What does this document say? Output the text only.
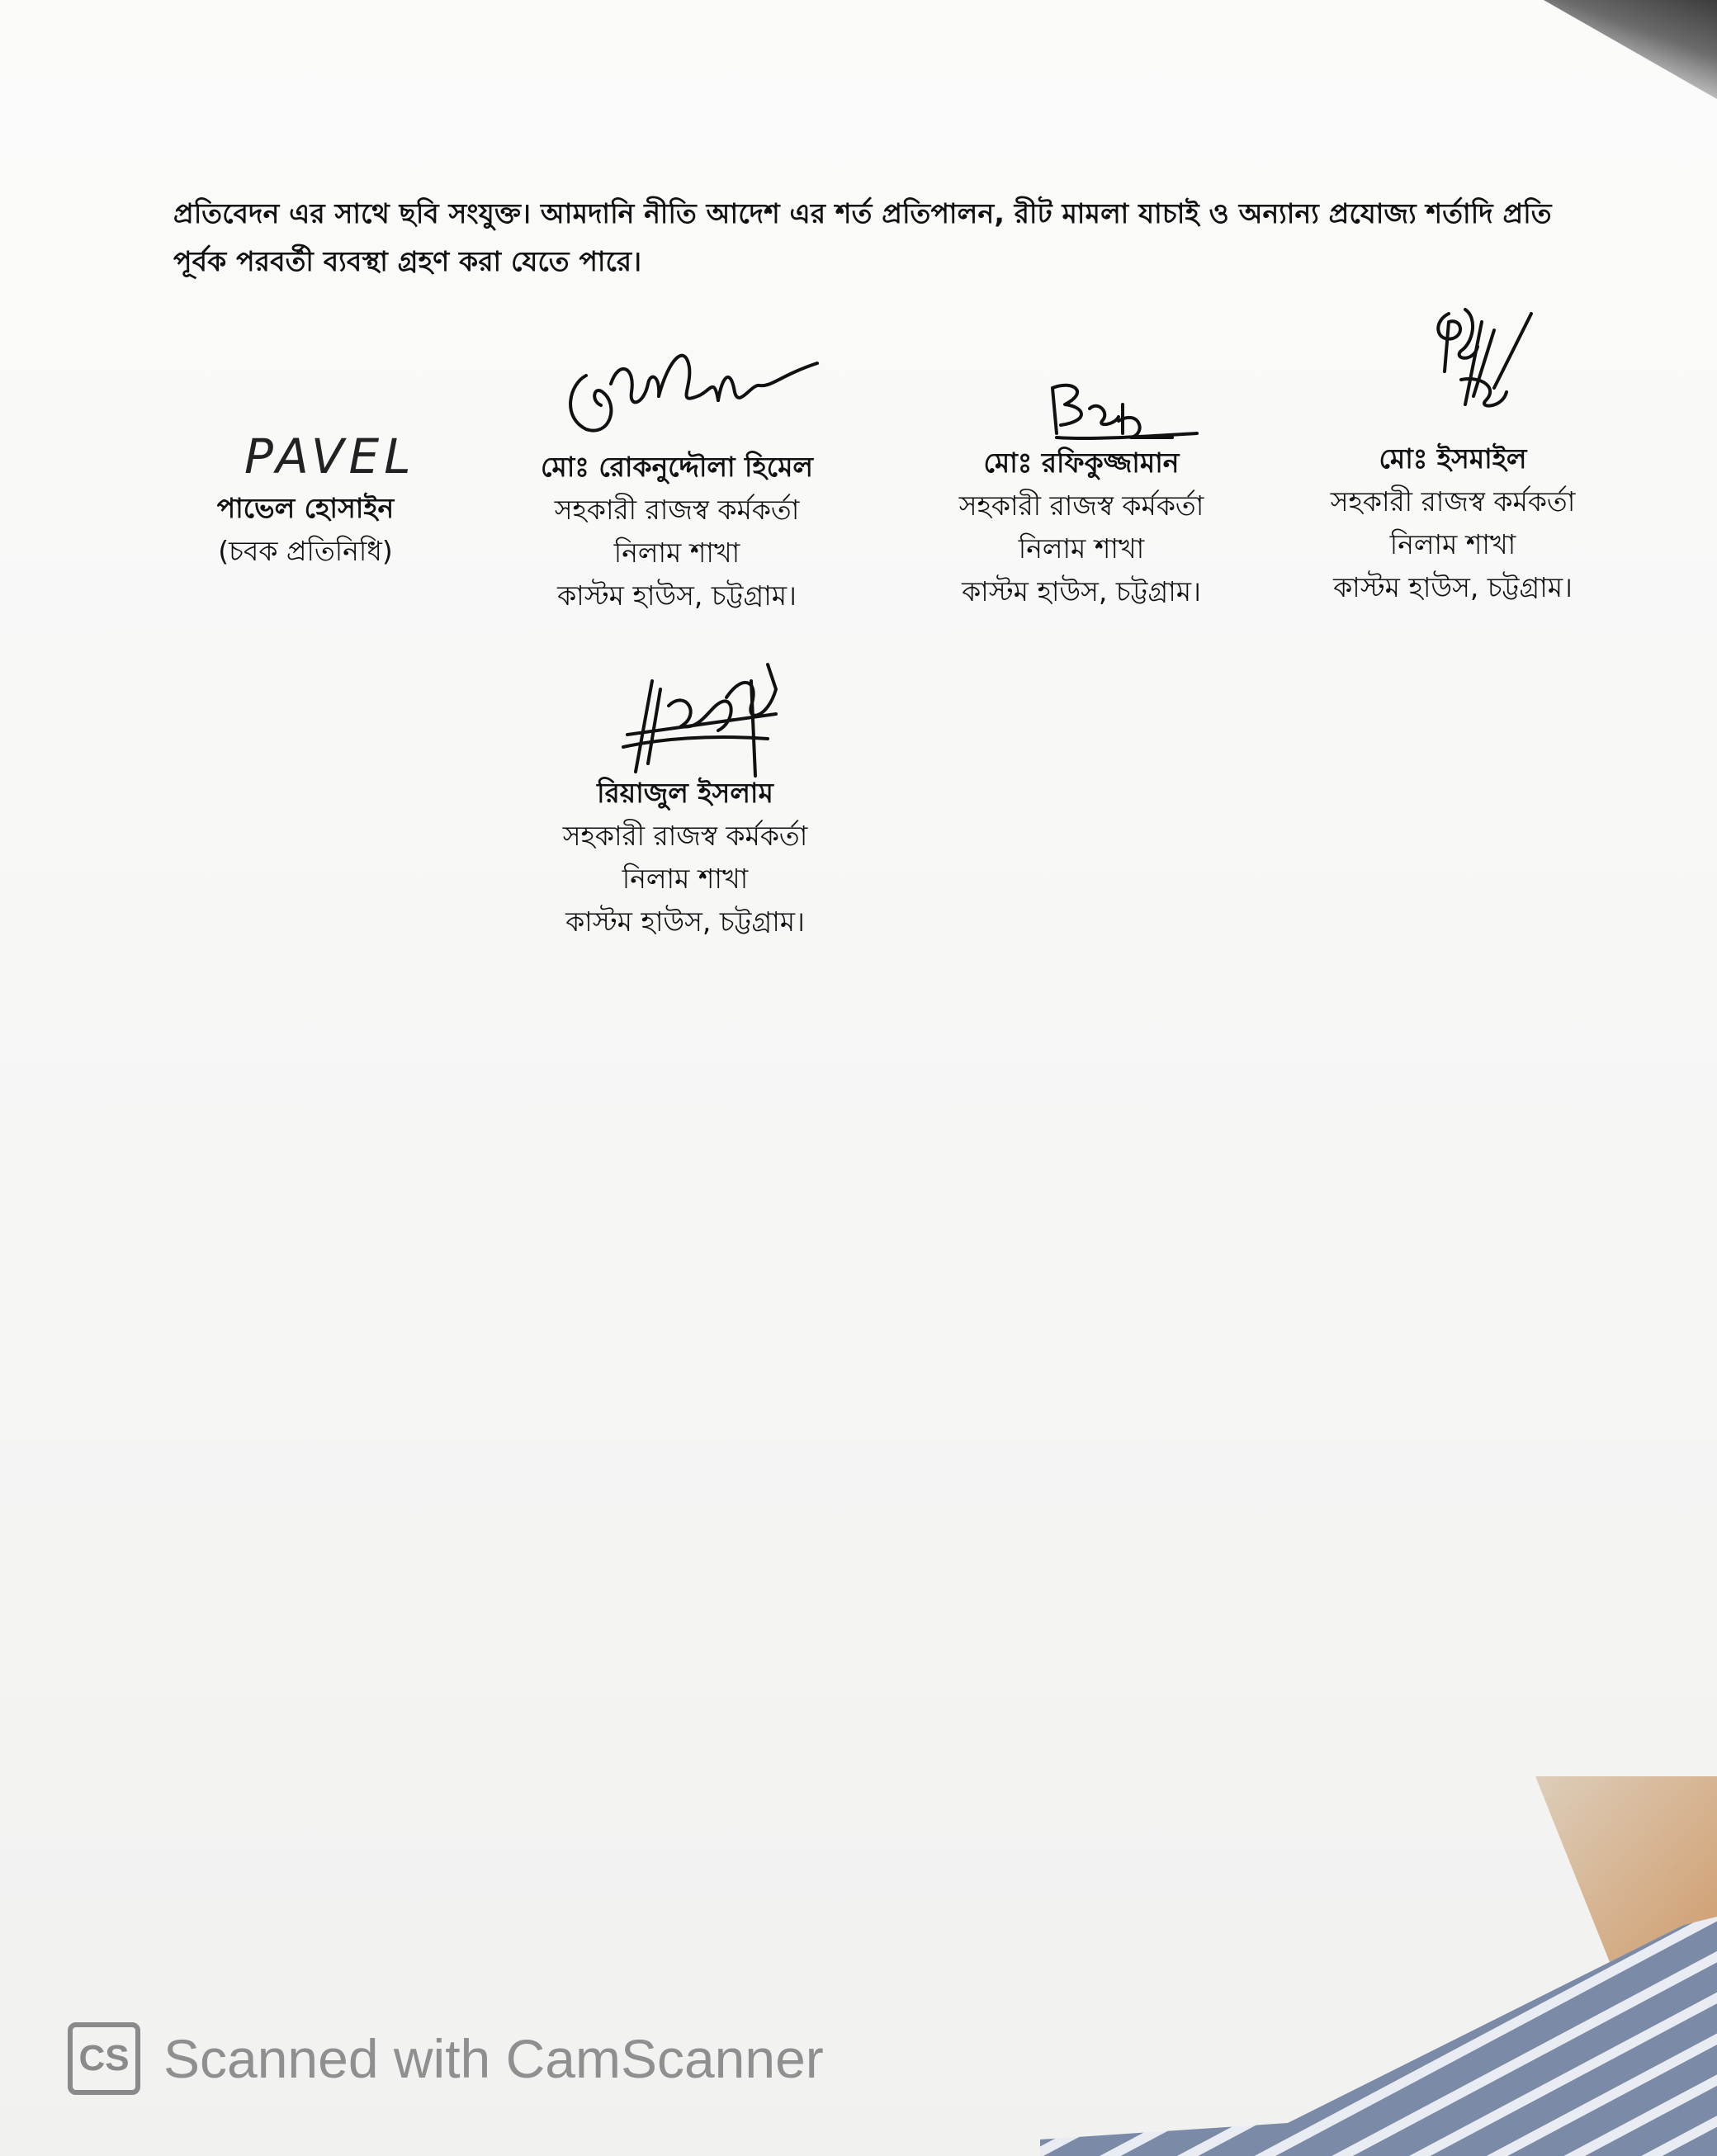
প্রতিবেদন এর সাথে ছবি সংযুক্ত। আমদানি নীতি আদেশ এর শর্ত প্রতিপালন, রীট মামলা যাচাই ও অন্যান্য প্রযোজ্য শর্তাদি প্রতি

পূর্বক পরবর্তী ব্যবস্থা গ্রহণ করা যেতে পারে।

PAVEL
পাভেল হোসাইন
(চবক প্রতিনিধি)
মোঃ রোকনুদ্দৌলা হিমেল
সহকারী রাজস্ব কর্মকর্তা
নিলাম শাখা
কাস্টম হাউস, চট্টগ্রাম।
মোঃ রফিকুজ্জামান
সহকারী রাজস্ব কর্মকর্তা
নিলাম শাখা
কাস্টম হাউস, চট্টগ্রাম।
মোঃ ইসমাইল
সহকারী রাজস্ব কর্মকর্তা
নিলাম শাখা
কাস্টম হাউস, চট্টগ্রাম।
রিয়াজুল ইসলাম
সহকারী রাজস্ব কর্মকর্তা
নিলাম শাখা
কাস্টম হাউস, চট্টগ্রাম।
CS Scanned with CamScanner
